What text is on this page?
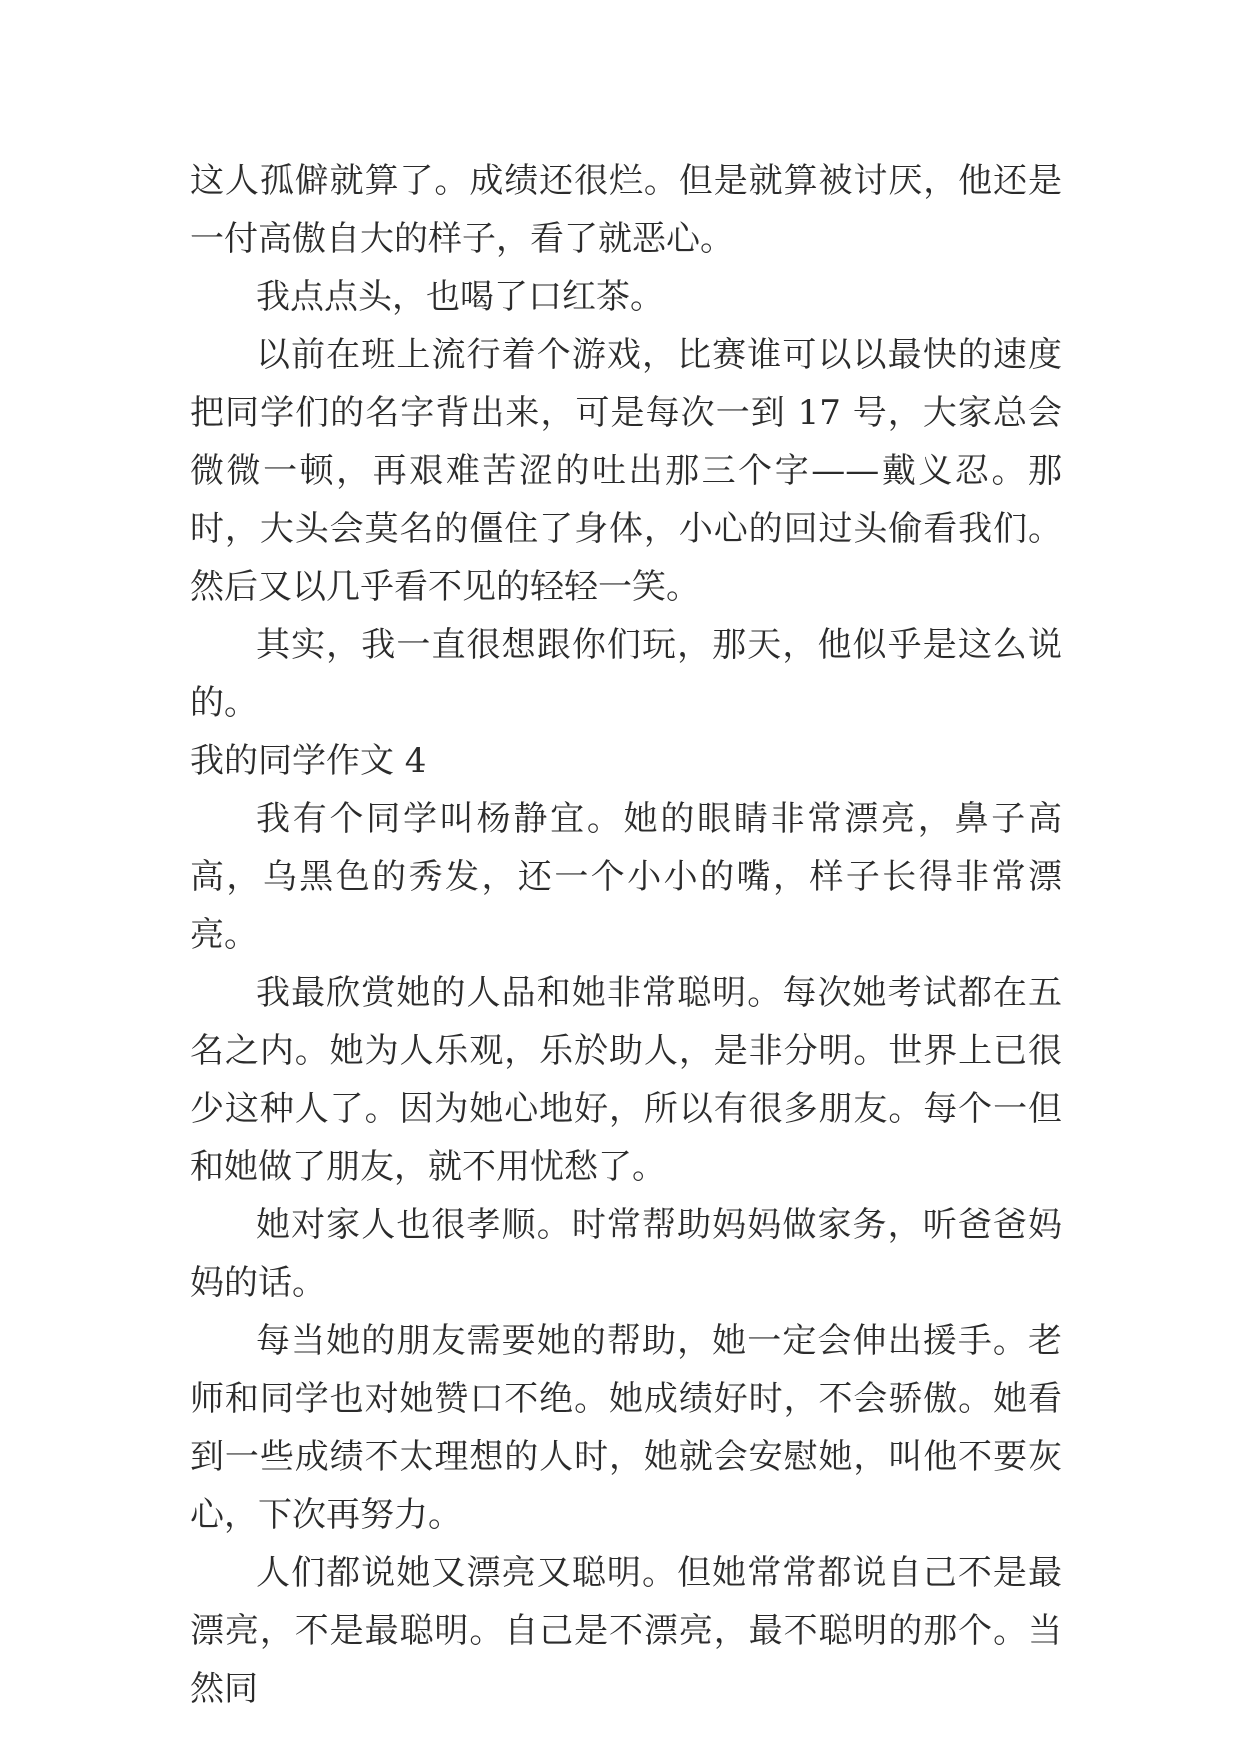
这人孤僻就算了。成绩还很烂。但是就算被讨厌，他还是一付高傲自大的样子，看了就恶心。

我点点头，也喝了口红茶。

以前在班上流行着个游戏，比赛谁可以以最快的速度把同学们的名字背出来，可是每次一到 17 号，大家总会微微一顿，再艰难苦涩的吐出那三个字——戴义忍。那时，大头会莫名的僵住了身体，小心的回过头偷看我们。然后又以几乎看不见的轻轻一笑。

其实，我一直很想跟你们玩，那天，他似乎是这么说的。

我的同学作文 4

我有个同学叫杨静宜。她的眼睛非常漂亮，鼻子高高，乌黑色的秀发，还一个小小的嘴，样子长得非常漂亮。

我最欣赏她的人品和她非常聪明。每次她考试都在五名之内。她为人乐观，乐於助人，是非分明。世界上已很少这种人了。因为她心地好，所以有很多朋友。每个一但和她做了朋友，就不用忧愁了。

她对家人也很孝顺。时常帮助妈妈做家务，听爸爸妈妈的话。

每当她的朋友需要她的帮助，她一定会伸出援手。老师和同学也对她赞口不绝。她成绩好时，不会骄傲。她看到一些成绩不太理想的人时，她就会安慰她，叫他不要灰心，下次再努力。

人们都说她又漂亮又聪明。但她常常都说自己不是最漂亮，不是最聪明。自己是不漂亮，最不聪明的那个。当然同
